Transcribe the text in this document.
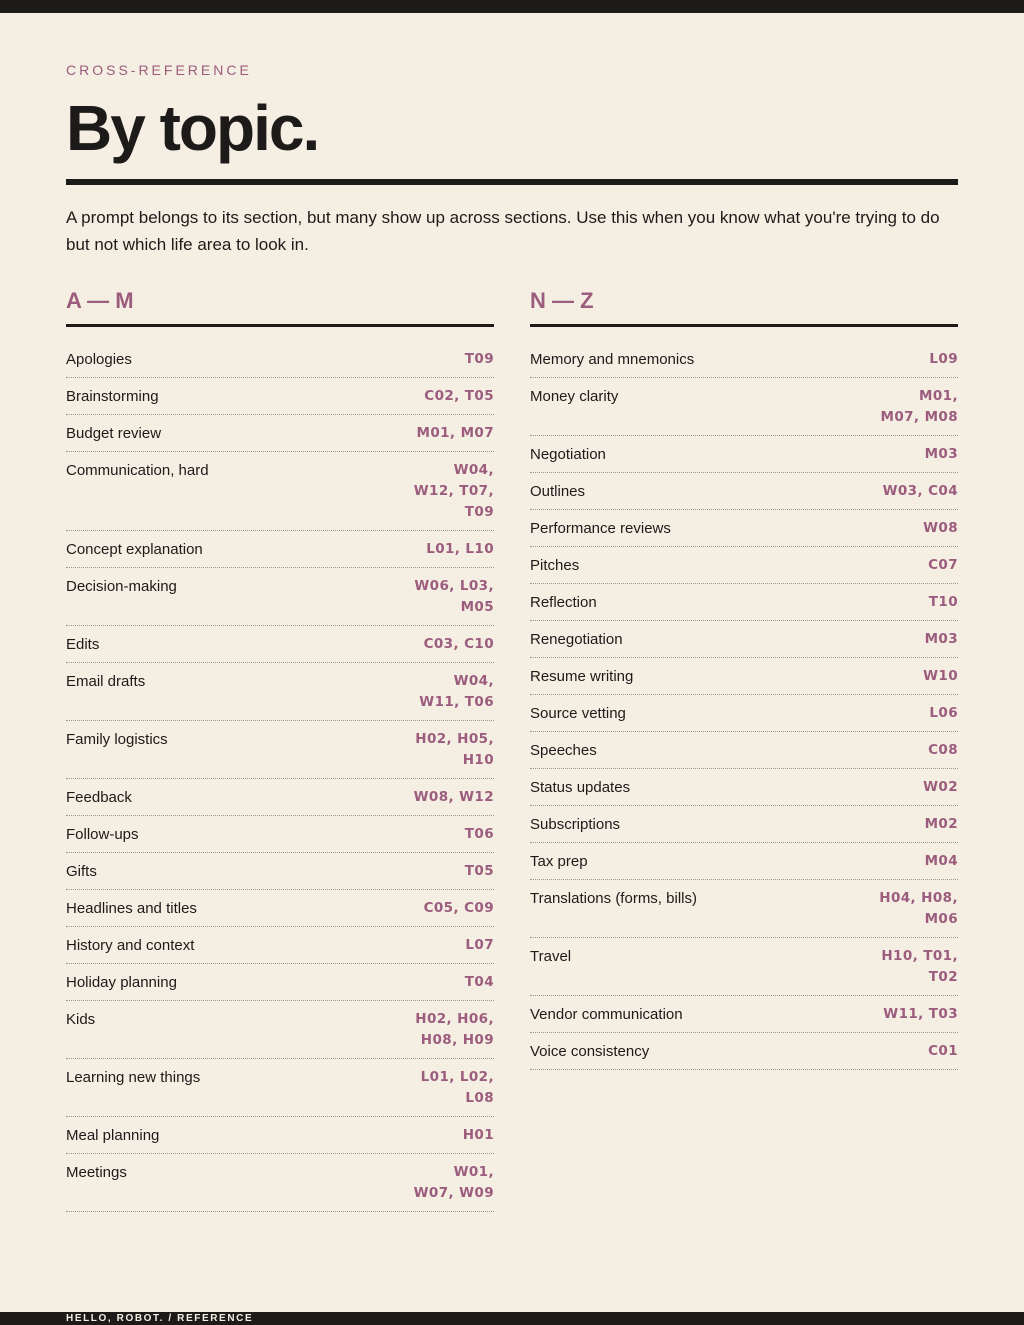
CROSS-REFERENCE
By topic.

A prompt belongs to its section, but many show up across sections. Use this when you know what you're trying to do but not which life area to look in.

A — M
Apologies	T09
Brainstorming	C02, T05
Budget review	M01, M07
Communication, hard	W04, W12, T07, T09
Concept explanation	L01, L10
Decision-making	W06, L03, M05
Edits	C03, C10
Email drafts	W04, W11, T06
Family logistics	H02, H05, H10
Feedback	W08, W12
Follow-ups	T06
Gifts	T05
Headlines and titles	C05, C09
History and context	L07
Holiday planning	T04
Kids	H02, H06, H08, H09
Learning new things	L01, L02, L08
Meal planning	H01
Meetings	W01, W07, W09
N — Z
Memory and mnemonics	L09
Money clarity	M01, M07, M08
Negotiation	M03
Outlines	W03, C04
Performance reviews	W08
Pitches	C07
Reflection	T10
Renegotiation	M03
Resume writing	W10
Source vetting	L06
Speeches	C08
Status updates	W02
Subscriptions	M02
Tax prep	M04
Translations (forms, bills)	H04, H08, M06
Travel	H10, T01, T02
Vendor communication	W11, T03
Voice consistency	C01
HELLO, ROBOT. / REFERENCE
